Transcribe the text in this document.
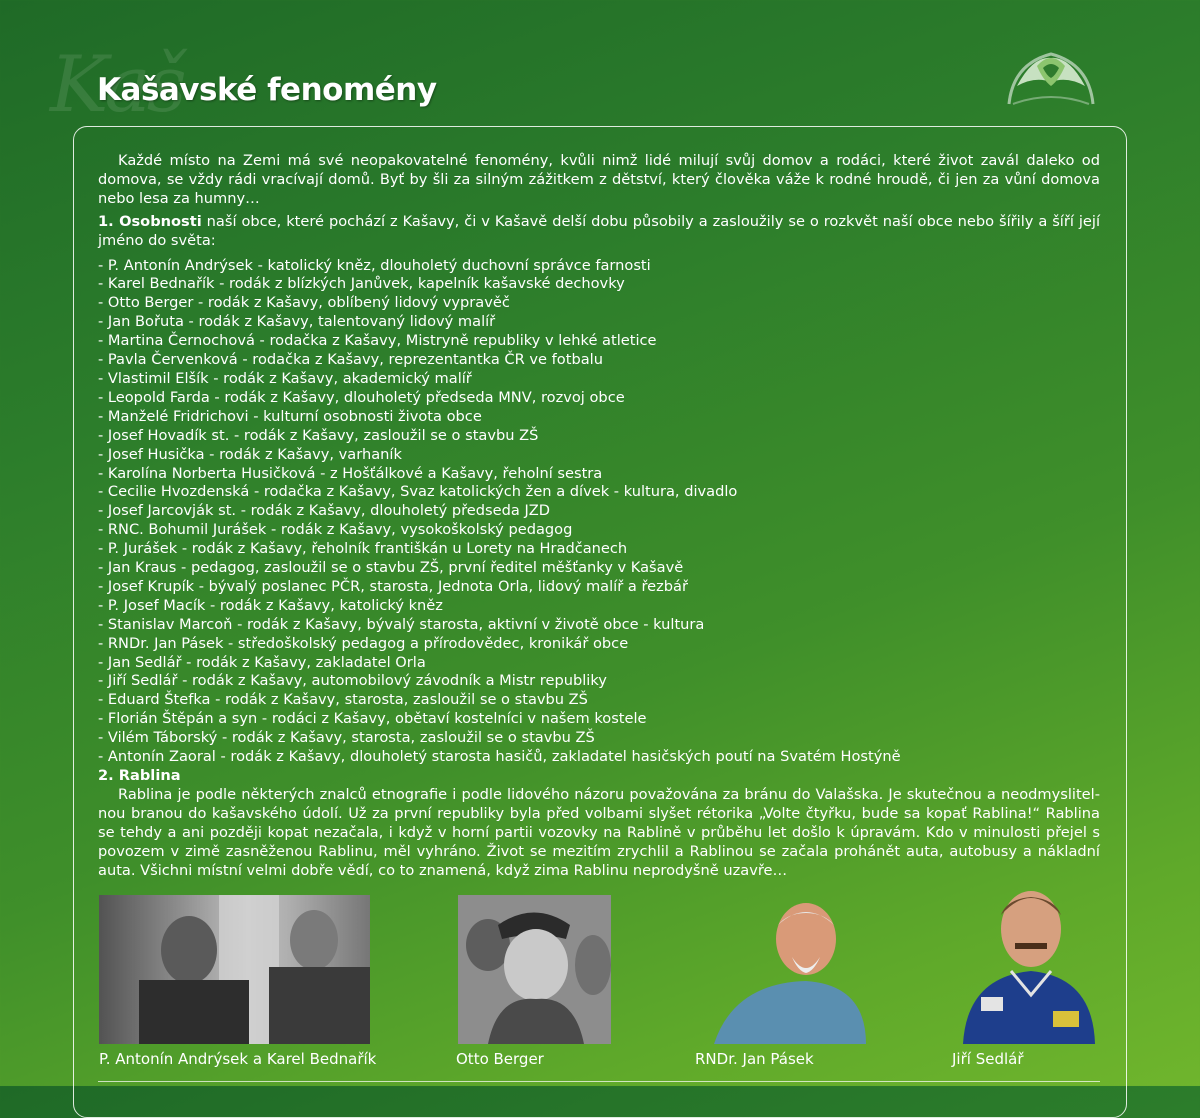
Kaš
Kašavské fenomény

Každé místo na Zemi má své neopakovatelné fenomény, kvůli nimž lidé milují svůj domov a rodáci, které život zavál daleko od domova, se vždy rádi vracívají domů. Byť by šli za silným zážitkem z dětství, který člověka váže k rodné hroudě, či jen za vůní domova nebo lesa za humny…

1. Osobnosti naší obce, které pochází z Kašavy, či v Kašavě delší dobu působily a zasloužily se o rozkvět naší obce nebo šířily a šíří její jméno do světa:

- P. Antonín Andrýsek - katolický kněz, dlouholetý duchovní správce farnosti
- Karel Bednařík - rodák z blízkých Janůvek, kapelník kašavské dechovky
- Otto Berger - rodák z Kašavy, oblíbený lidový vypravěč
- Jan Bořuta - rodák z Kašavy, talentovaný lidový malíř
- Martina Černochová - rodačka z Kašavy, Mistryně republiky v lehké atletice
- Pavla Červenková - rodačka z Kašavy, reprezentantka ČR ve fotbalu
- Vlastimil Elšík - rodák z Kašavy, akademický malíř
- Leopold Farda - rodák z Kašavy, dlouholetý předseda MNV, rozvoj obce
- Manželé Fridrichovi - kulturní osobnosti života obce
- Josef Hovadík st. - rodák z Kašavy, zasloužil se o stavbu ZŠ
- Josef Husička - rodák z Kašavy, varhaník
- Karolína Norberta Husičková - z Hošťálkové a Kašavy, řeholní sestra
- Cecilie Hvozdenská - rodačka z Kašavy, Svaz katolických žen a dívek - kultura, divadlo
- Josef Jarcovják st. - rodák z Kašavy, dlouholetý předseda JZD
- RNC. Bohumil Jurášek - rodák z Kašavy, vysokoškolský pedagog
- P. Jurášek - rodák z Kašavy, řeholník františkán u Lorety na Hradčanech
- Jan Kraus - pedagog, zasloužil se o stavbu ZŠ, první ředitel měšťanky v Kašavě
- Josef Krupík - bývalý poslanec PČR, starosta, Jednota Orla, lidový malíř a řezbář
- P. Josef Macík - rodák z Kašavy, katolický kněz
- Stanislav Marcoň - rodák z Kašavy, bývalý starosta, aktivní v životě obce - kultura
- RNDr. Jan Pásek - středoškolský pedagog a přírodovědec, kronikář obce
- Jan Sedlář - rodák z Kašavy, zakladatel Orla
- Jiří Sedlář - rodák z Kašavy, automobilový závodník a Mistr republiky
- Eduard Štefka - rodák z Kašavy, starosta, zasloužil se o stavbu ZŠ
- Florián Štěpán a syn - rodáci z Kašavy, obětaví kostelníci v našem kostele
- Vilém Táborský - rodák z Kašavy, starosta, zasloužil se o stavbu ZŠ
- Antonín Zaoral - rodák z Kašavy, dlouholetý starosta hasičů, zakladatel hasičských poutí na Svatém Hostýně

2. Rablina

Rablina je podle některých znalců etnografie i podle lidového názoru považována za bránu do Valašska. Je skutečnou a neodmyslitel-nou branou do kašavského údolí. Už za první republiky byla před volbami slyšet rétorika „Volte čtyřku, bude sa kopať Rablina!“ Rablina se tehdy a ani později kopat nezačala, i když v horní partii vozovky na Rablině v průběhu let došlo k úpravám. Kdo v minulosti přejel s povozem v zimě zasněženou Rablinu, měl vyhráno. Život se mezitím zrychlil a Rablinou se začala prohánět auta, autobusy a nákladní auta. Všichni místní velmi dobře vědí, co to znamená, když zima Rablinu neprodyšně uzavře…

P. Antonín Andrýsek a Karel Bednařík	Otto Berger	RNDr. Jan Pásek	Jiří Sedlář
